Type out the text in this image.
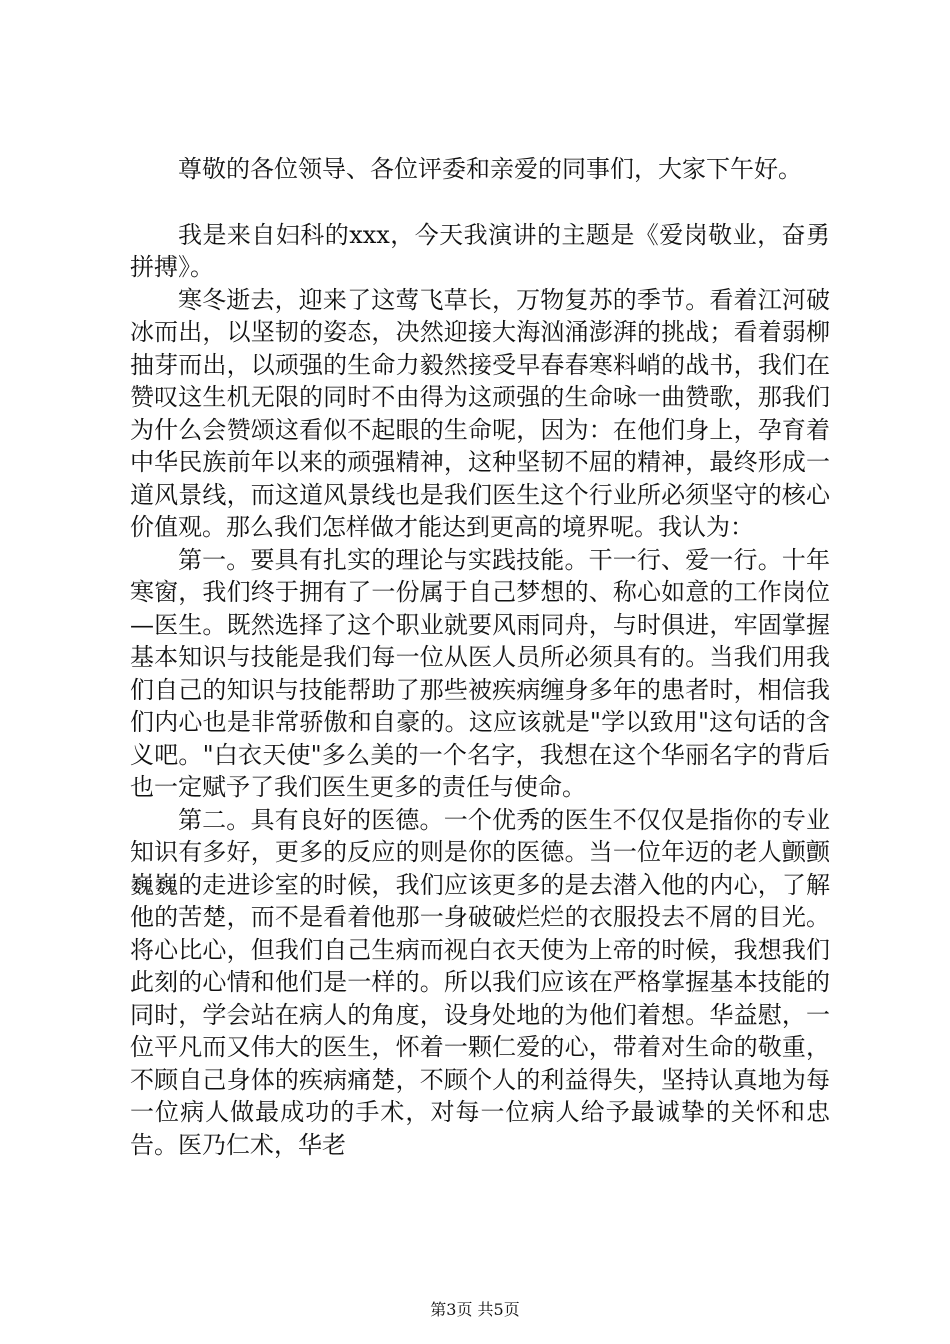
尊敬的各位领导、各位评委和亲爱的同事们，大家下午好。

我是来自妇科的xxx，今天我演讲的主题是《爱岗敬业，奋勇拼搏》。

寒冬逝去，迎来了这莺飞草长，万物复苏的季节。看着江河破冰而出，以坚韧的姿态，决然迎接大海汹涌澎湃的挑战；看着弱柳抽芽而出，以顽强的生命力毅然接受早春春寒料峭的战书，我们在赞叹这生机无限的同时不由得为这顽强的生命咏一曲赞歌，那我们为什么会赞颂这看似不起眼的生命呢，因为：在他们身上，孕育着中华民族前年以来的顽强精神，这种坚韧不屈的精神，最终形成一道风景线，而这道风景线也是我们医生这个行业所必须坚守的核心价值观。那么我们怎样做才能达到更高的境界呢。我认为：

第一。要具有扎实的理论与实践技能。干一行、爱一行。十年寒窗，我们终于拥有了一份属于自己梦想的、称心如意的工作岗位—医生。既然选择了这个职业就要风雨同舟，与时俱进，牢固掌握基本知识与技能是我们每一位从医人员所必须具有的。当我们用我们自己的知识与技能帮助了那些被疾病缠身多年的患者时，相信我们内心也是非常骄傲和自豪的。这应该就是"学以致用"这句话的含义吧。"白衣天使"多么美的一个名字，我想在这个华丽名字的背后也一定赋予了我们医生更多的责任与使命。

第二。具有良好的医德。一个优秀的医生不仅仅是指你的专业知识有多好，更多的反应的则是你的医德。当一位年迈的老人颤颤巍巍的走进诊室的时候，我们应该更多的是去潜入他的内心，了解他的苦楚，而不是看着他那一身破破烂烂的衣服投去不屑的目光。将心比心，但我们自己生病而视白衣天使为上帝的时候，我想我们此刻的心情和他们是一样的。所以我们应该在严格掌握基本技能的同时，学会站在病人的角度，设身处地的为他们着想。华益慰，一位平凡而又伟大的医生，怀着一颗仁爱的心，带着对生命的敬重，不顾自己身体的疾病痛楚，不顾个人的利益得失，坚持认真地为每一位病人做最成功的手术，对每一位病人给予最诚挚的关怀和忠告。医乃仁术，华老

第3页 共5页
